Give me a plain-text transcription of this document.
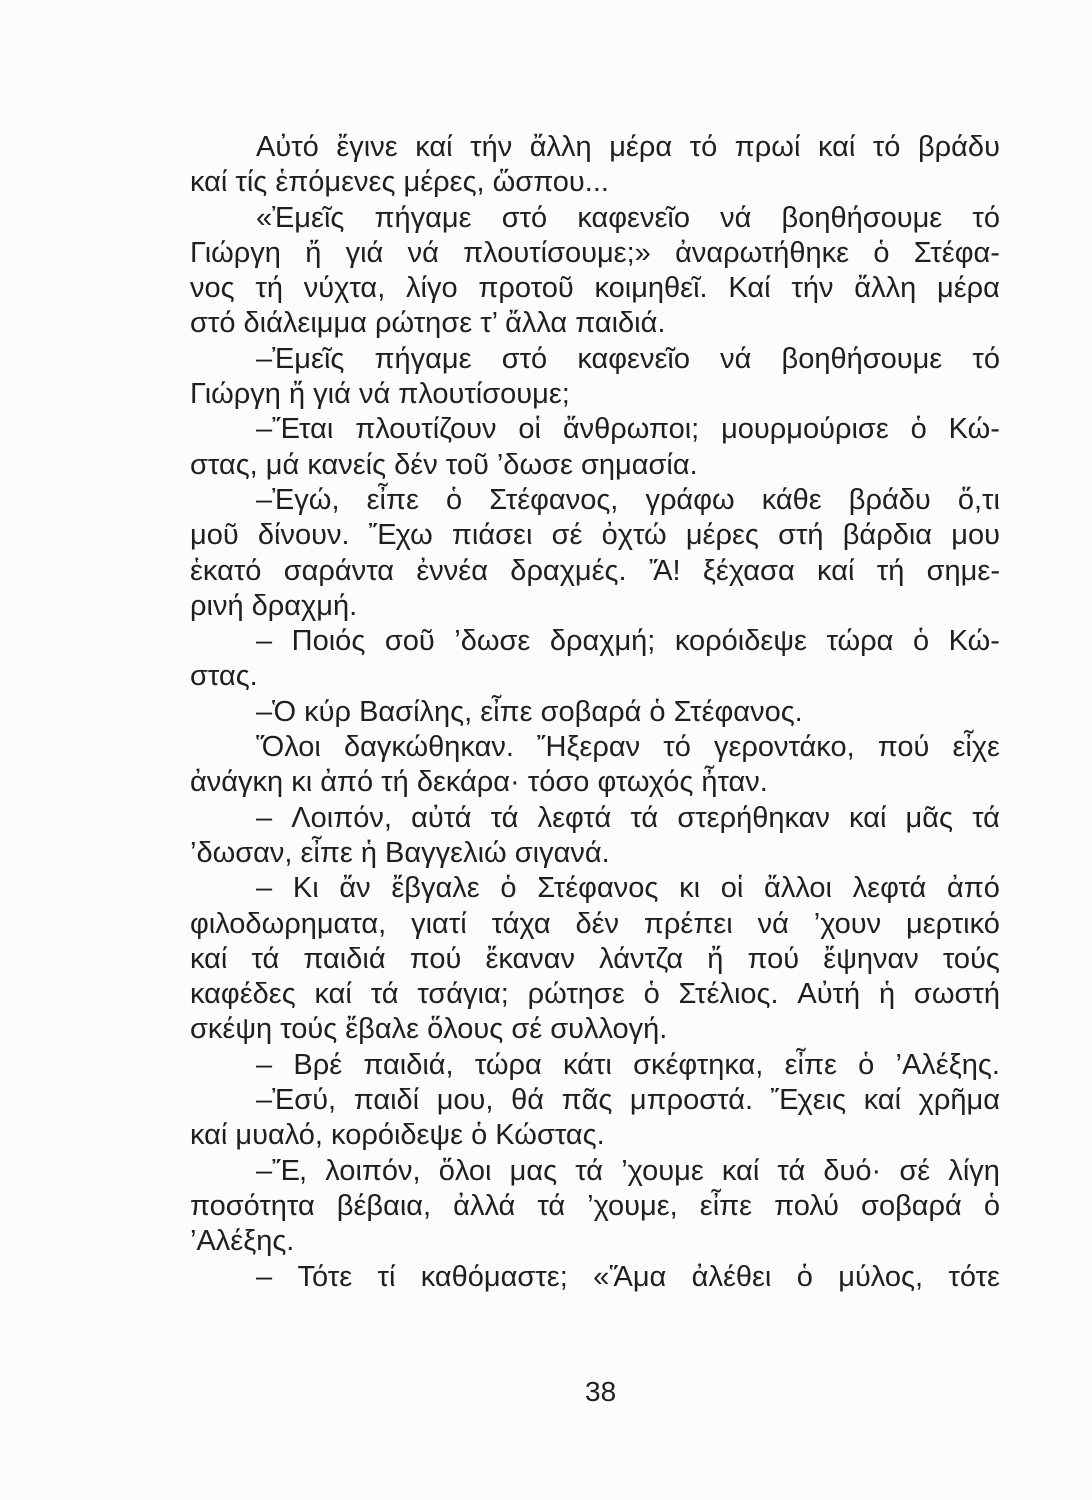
Αὐτό ἔγινε καί τήν ἄλλη μέρα τό πρωί καί τό βράδυ
καί τίς ἑπόμενες μέρες, ὥσπου...
«Ἐμεῖς πήγαμε στό καφενεῖο νά βοηθήσουμε τό
Γιώργη ἤ γιά νά πλουτίσουμε;» ἀναρωτήθηκε ὁ Στέφα-
νος τή νύχτα, λίγο προτοῦ κοιμηθεῖ. Καί τήν ἄλλη μέρα
στό διάλειμμα ρώτησε τ’ ἄλλα παιδιά.
–Ἐμεῖς πήγαμε στό καφενεῖο νά βοηθήσουμε τό
Γιώργη ἤ γιά νά πλουτίσουμε;
–Ἔται πλουτίζουν οἱ ἄνθρωποι; μουρμούρισε ὁ Κώ-
στας, μά κανείς δέν τοῦ ’δωσε σημασία.
–Ἐγώ, εἶπε ὁ Στέφανος, γράφω κάθε βράδυ ὅ,τι
μοῦ δίνουν. Ἔχω πιάσει σέ ὀχτώ μέρες στή βάρδια μου
ἑκατό σαράντα ἐννέα δραχμές. Ἄ! ξέχασα καί τή σημε-
ρινή δραχμή.
– Ποιός σοῦ ’δωσε δραχμή; κορόιδεψε τώρα ὁ Κώ-
στας.
–Ὁ κύρ Βασίλης, εἶπε σοβαρά ὁ Στέφανος.
Ὅλοι δαγκώθηκαν. Ἤξεραν τό γεροντάκο, πού εἶχε
ἀνάγκη κι ἀπό τή δεκάρα· τόσο φτωχός ἦταν.
– Λοιπόν, αὐτά τά λεφτά τά στερήθηκαν καί μᾶς τά
’δωσαν, εἶπε ἡ Βαγγελιώ σιγανά.
– Κι ἄν ἔβγαλε ὁ Στέφανος κι οἱ ἄλλοι λεφτά ἀπό
φιλοδωρηματα, γιατί τάχα δέν πρέπει νά ’χουν μερτικό
καί τά παιδιά πού ἔκαναν λάντζα ἤ πού ἔψηναν τούς
καφέδες καί τά τσάγια; ρώτησε ὁ Στέλιος. Αὐτή ἡ σωστή
σκέψη τούς ἔβαλε ὅλους σέ συλλογή.
– Βρέ παιδιά, τώρα κάτι σκέφτηκα, εἶπε ὁ ’Αλέξης.
–Ἐσύ, παιδί μου, θά πᾶς μπροστά. Ἔχεις καί χρῆμα
καί μυαλό, κορόιδεψε ὁ Κώστας.
–Ἔ, λοιπόν, ὅλοι μας τά ’χουμε καί τά δυό· σέ λίγη
ποσότητα βέβαια, ἀλλά τά ’χουμε, εἶπε πολύ σοβαρά ὁ
’Αλέξης.
– Τότε τί καθόμαστε; «Ἅμα ἀλέθει ὁ μύλος, τότε
38
